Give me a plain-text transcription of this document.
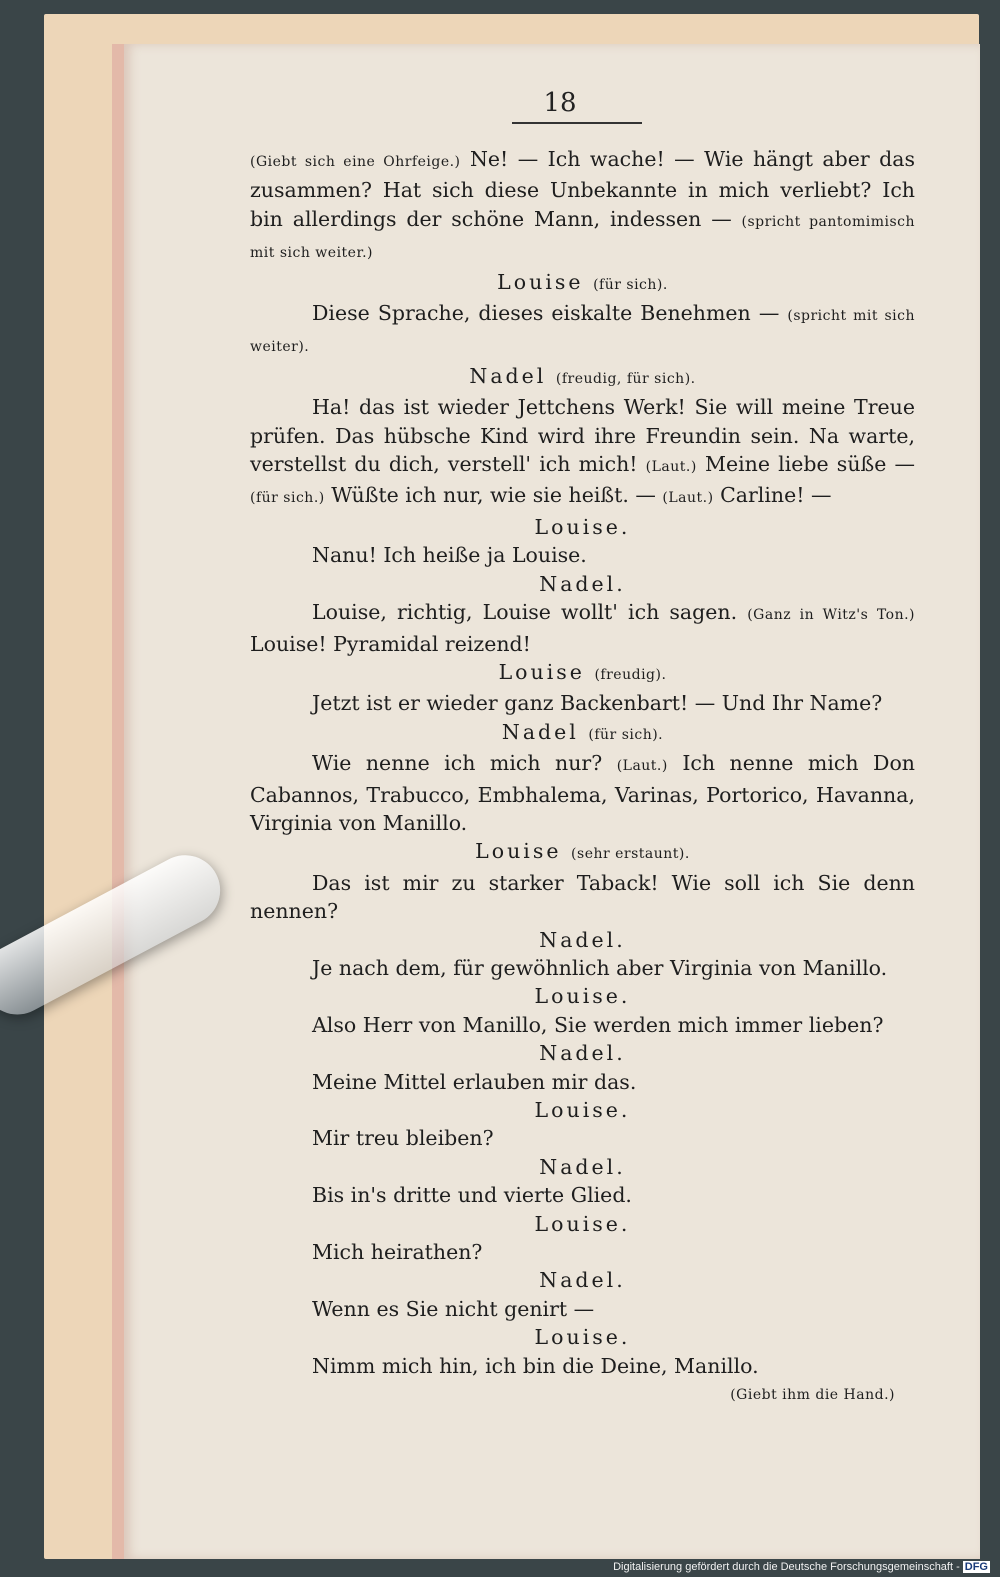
18

(Giebt sich eine Ohrfeige.) Ne! — Ich wache! — Wie hängt aber das zusammen? Hat sich diese Unbekannte in mich verliebt? Ich bin allerdings der schöne Mann, indessen — (spricht pantomimisch mit sich weiter.)

Louise (für sich).

Diese Sprache, dieses eiskalte Benehmen — (spricht mit sich weiter).

Nadel (freudig, für sich).

Ha! das ist wieder Jettchens Werk! Sie will meine Treue prüfen. Das hübsche Kind wird ihre Freundin sein. Na warte, verstellst du dich, verstell' ich mich! (Laut.) Meine liebe süße — (für sich.) Wüßte ich nur, wie sie heißt. — (Laut.) Carline! —

Louise.

Nanu! Ich heiße ja Louise.

Nadel.

Louise, richtig, Louise wollt' ich sagen. (Ganz in Witz's Ton.) Louise! Pyramidal reizend!

Louise (freudig).

Jetzt ist er wieder ganz Backenbart! — Und Ihr Name?

Nadel (für sich).

Wie nenne ich mich nur? (Laut.) Ich nenne mich Don Cabannos, Trabucco, Embhalema, Varinas, Portorico, Havanna, Virginia von Manillo.

Louise (sehr erstaunt).

Das ist mir zu starker Taback! Wie soll ich Sie denn nennen?

Nadel.

Je nach dem, für gewöhnlich aber Virginia von Manillo.

Louise.

Also Herr von Manillo, Sie werden mich immer lieben?

Nadel.

Meine Mittel erlauben mir das.

Louise.

Mir treu bleiben?

Nadel.

Bis in's dritte und vierte Glied.

Louise.

Mich heirathen?

Nadel.

Wenn es Sie nicht genirt —

Louise.

Nimm mich hin, ich bin die Deine, Manillo.

(Giebt ihm die Hand.)

Digitalisierung gefördert durch die Deutsche Forschungsgemeinschaft - DFG
